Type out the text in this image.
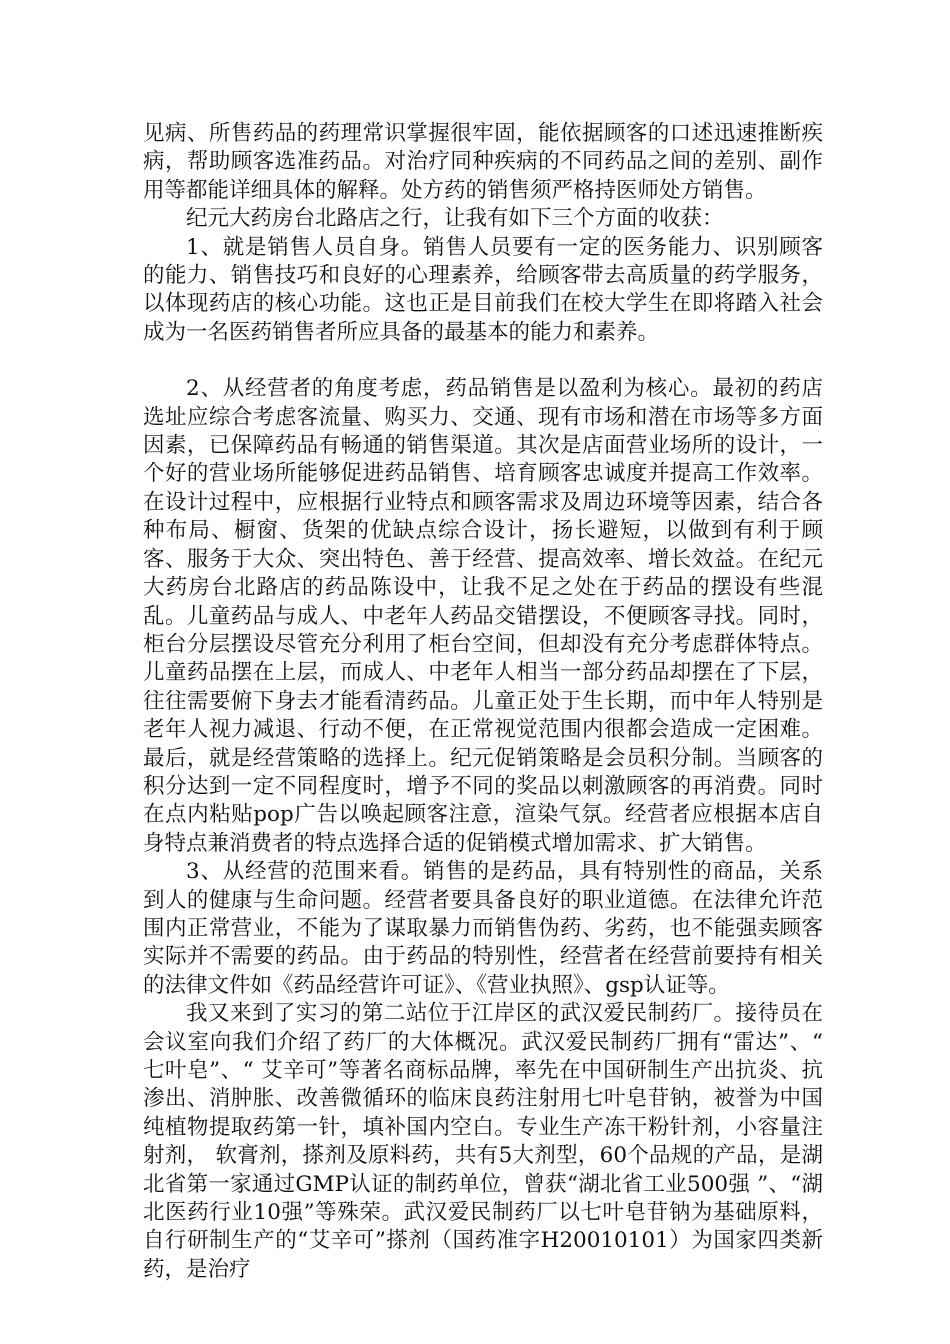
见病、所售药品的药理常识掌握很牢固，能依据顾客的口述迅速推断疾病，帮助顾客选准药品。对治疗同种疾病的不同药品之间的差别、副作用等都能详细具体的解释。处方药的销售须严格持医师处方销售。

纪元大药房台北路店之行，让我有如下三个方面的收获：

1、就是销售人员自身。销售人员要有一定的医务能力、识别顾客的能力、销售技巧和良好的心理素养，给顾客带去高质量的药学服务，以体现药店的核心功能。这也正是目前我们在校大学生在即将踏入社会成为一名医药销售者所应具备的最基本的能力和素养。

2、从经营者的角度考虑，药品销售是以盈利为核心。最初的药店选址应综合考虑客流量、购买力、交通、现有市场和潜在市场等多方面因素，已保障药品有畅通的销售渠道。其次是店面营业场所的设计，一个好的营业场所能够促进药品销售、培育顾客忠诚度并提高工作效率。在设计过程中，应根据行业特点和顾客需求及周边环境等因素，结合各种布局、橱窗、货架的优缺点综合设计，扬长避短，以做到有利于顾客、服务于大众、突出特色、善于经营、提高效率、增长效益。在纪元大药房台北路店的药品陈设中，让我不足之处在于药品的摆设有些混乱。儿童药品与成人、中老年人药品交错摆设，不便顾客寻找。同时，柜台分层摆设尽管充分利用了柜台空间，但却没有充分考虑群体特点。儿童药品摆在上层，而成人、中老年人相当一部分药品却摆在了下层，往往需要俯下身去才能看清药品。儿童正处于生长期，而中年人特别是老年人视力减退、行动不便，在正常视觉范围内很都会造成一定困难。最后，就是经营策略的选择上。纪元促销策略是会员积分制。当顾客的积分达到一定不同程度时，增予不同的奖品以刺激顾客的再消费。同时在点内粘贴pop广告以唤起顾客注意，渲染气氛。经营者应根据本店自身特点兼消费者的特点选择合适的促销模式增加需求、扩大销售。

3、从经营的范围来看。销售的是药品，具有特别性的商品，关系到人的健康与生命问题。经营者要具备良好的职业道德。在法律允许范围内正常营业，不能为了谋取暴力而销售伪药、劣药，也不能强卖顾客实际并不需要的药品。由于药品的特别性，经营者在经营前要持有相关的法律文件如《药品经营许可证》、《营业执照》、gsp认证等。

我又来到了实习的第二站位于江岸区的武汉爱民制药厂。接待员在会议室向我们介绍了药厂的大体概况。武汉爱民制药厂拥有“雷达”、“ 七叶皂”、“ 艾辛可”等著名商标品牌，率先在中国研制生产出抗炎、抗渗出、消肿胀、改善微循环的临床良药注射用七叶皂苷钠，被誉为中国纯植物提取药第一针，填补国内空白。专业生产冻干粉针剂，小容量注射剂， 软膏剂，搽剂及原料药，共有5大剂型，60个品规的产品，是湖北省第一家通过GMP认证的制药单位，曾获“湖北省工业500强 ”、“湖北医药行业10强”等殊荣。武汉爱民制药厂以七叶皂苷钠为基础原料，自行研制生产的“艾辛可”搽剂（国药准字H20010101）为国家四类新药，是治疗
